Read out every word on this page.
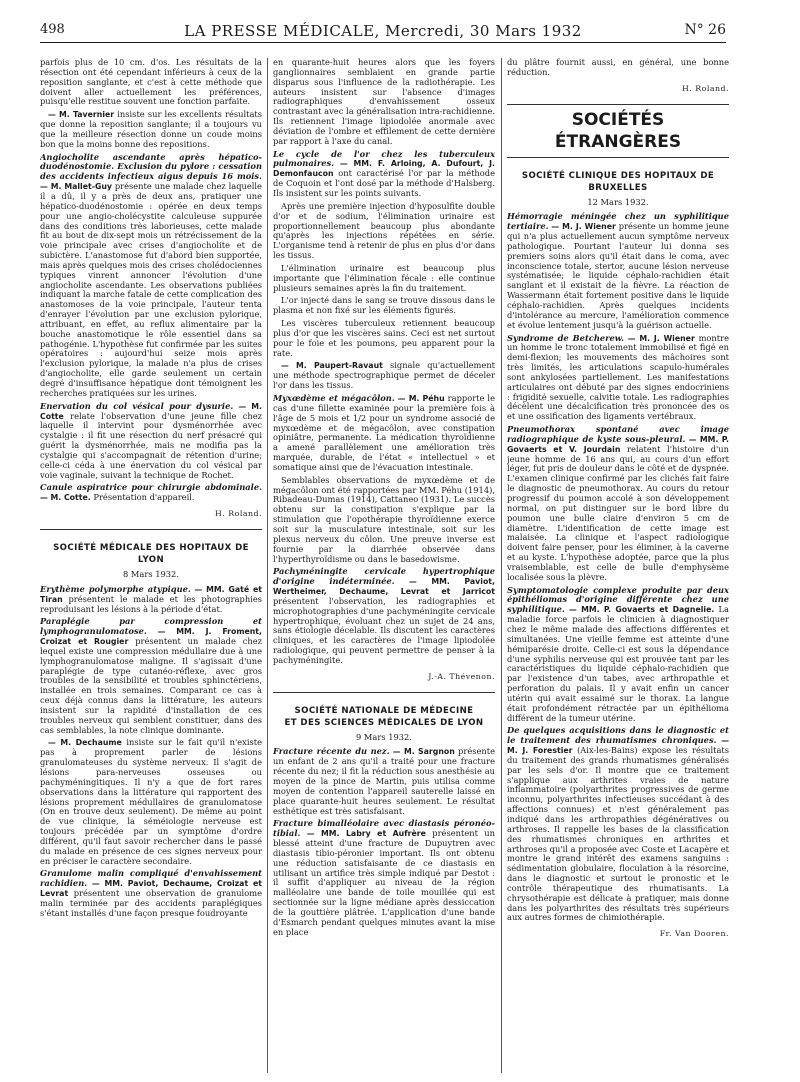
498	LA PRESSE MÉDICALE, Mercredi, 30 Mars 1932	N° 26

parfois plus de 10 cm. d'os. Les résultats de la résection ont été cependant inférieurs à ceux de la reposition sanglante, et c'est à cette méthode que doivent aller actuellement les préférences, puisqu'elle restitue souvent une fonction parfaite.

— M. Tavernier insiste sur les excellents résultats que donne la reposition sanglante; il a toujours vu que la meilleure résection donne un coude moins bon que la moins bonne des repositions.

Angiocholite ascendante après hépatico-duodénostomie. Exclusion du pylore : cessation des accidents infectieux aigus depuis 16 mois. — M. Mallet-Guy présente une malade chez laquelle il a dû, il y a près de deux ans, pratiquer une hépatico-duodénostomie : opérée en deux temps pour une angio-cholécystite calculeuse suppurée dans des conditions très laborieuses, cette malade fit au bout de dix-sept mois un rétrécissement de la voie principale avec crises d'angiocholite et de subictère. L'anastomose fut d'abord bien supportée, mais après quelques mois des crises cholédociennes typiques vinrent annoncer l'évolution d'une angiocholite ascendante. Les observations publiées indiquant la marche fatale de cette complication des anastomoses de la voie principale, l'auteur tenta d'enrayer l'évolution par une exclusion pylorique, attribuant, en effet, au reflux alimentaire par la bouche anastomotique le rôle essentiel dans sa pathogénie. L'hypothèse fut confirmée par les suites opératoires : aujourd'hui seize mois après l'exclusion pylorique, la malade n'a plus de crises d'angiocholite, elle garde seulement un certain degré d'insuffisance hépatique dont témoignent les recherches pratiquées sur les urines.

Enervation du col vésical pour dysurie. — M. Cotte relate l'observation d'une jeune fille chez laquelle il intervint pour dysménorrhée avec cystalgie : il fit une résection du nerf présacré qui guérit la dysménorrhée, mais ne modifia pas la cystalgie qui s'accompagnait de rétention d'urine; celle-ci céda à une énervation du col vésical par voie vaginale, suivant la technique de Rochet.

Canule aspiratrice pour chirurgie abdominale. — M. Cotte. Présentation d'appareil.

H. Roland.

SOCIÉTÉ MÉDICALE DES HOPITAUX DE LYON
8 Mars 1932.

Erythème polymorphe atypique. — MM. Gaté et Tiran présentent le malade et les photographies reproduisant les lésions à la période d'état.

Paraplégie par compression et lymphogranulomatose. — MM. J. Froment, Croizat et Rougier présentent un malade chez lequel existe une compression médullaire due à une lymphogranulomatose maligne. Il s'agissait d'une paraplégie de type cutanéo-réflexe, avec gros troubles de la sensibilité et troubles sphinctériens, installée en trois semaines. Comparant ce cas à ceux déjà connus dans la littérature, les auteurs insistent sur la rapidité d'installation de ces troubles nerveux qui semblent constituer, dans des cas semblables, la note clinique dominante.

— M. Dechaume insiste sur le fait qu'il n'existe pas à proprement parler de lésions granulomateuses du système nerveux. Il s'agit de lésions para-nerveuses osseuses ou pachyméningitiques. Il n'y a que de fort rares observations dans la littérature qui rapportent des lésions proprement médullaires de granulomatose (On en trouve deux seulement). De même au point de vue clinique, la séméiologie nerveuse est toujours précédée par un symptôme d'ordre différent, qu'il faut savoir rechercher dans le passé du malade en présence de ces signes nerveux pour en préciser le caractère secondaire.

Granulome malin compliqué d'envahissement rachidien. — MM. Paviot, Dechaume, Croizat et Levrat présentent une observation de granulome malin terminée par des accidents paraplégiques s'étant installés d'une façon presque foudroyante

en quarante-huit heures alors que les foyers ganglionnaires semblaient en grande partie disparus sous l'influence de la radiothérapie. Les auteurs insistent sur l'absence d'images radiographiques d'envahissement osseux contrastant avec la généralisation intra-rachidienne. Ils retiennent l'image lipiodolée anormale avec déviation de l'ombre et effilement de cette dernière par rapport à l'axe du canal.

Le cycle de l'or chez les tuberculeux pulmonaires. — MM. F. Arloing, A. Dufourt, J. Demonfaucon ont caractérisé l'or par la méthode de Coquoin et l'ont dosé par la méthode d'Halsberg. Ils insistent sur les points suivants.

Après une première injection d'hyposulfite double d'or et de sodium, l'élimination urinaire est proportionnellement beaucoup plus abondante qu'après les injections répétées en série. L'organisme tend à retenir de plus en plus d'or dans les tissus.

L'élimination urinaire est beaucoup plus importante que l'élimination fécale : elle continue plusieurs semaines après la fin du traitement.

L'or injecté dans le sang se trouve dissous dans le plasma et non fixé sur les éléments figurés.

Les viscères tuberculeux retiennent beaucoup plus d'or que les viscères sains. Ceci est net surtout pour le foie et les poumons, peu apparent pour la rate.

— M. Paupert-Ravaut signale qu'actuellement une méthode spectrographique permet de déceler l'or dans les tissus.

Myxœdème et mégacôlon. — M. Péhu rapporte le cas d'une fillette examinée pour la première fois à l'âge de 5 mois et 1/2 pour un syndrome associé de myxœdème et de mégacôlon, avec constipation opiniâtre, permanente. La médication thyroïdienne a amené parallèlement une amélioration très marquée, durable, de l'état « intellectuel » et somatique ainsi que de l'évacuation intestinale.

Semblables observations de myxœdème et de mégacôlon ont été rapportées par MM. Péhu (1914), Ribadeau-Dumas (1914), Cattaneo (1931). Le succès obtenu sur la constipation s'explique par la stimulation que l'opothérapie thyroïdienne exerce soit sur la musculature intestinale, soit sur les plexus nerveux du côlon. Une preuve inverse est fournie par la diarrhée observée dans l'hyperthyroïdisme ou dans le basedowisme.

Pachyméningite cervicale hypertrophique d'origine indéterminée. — MM. Paviot, Wertheimer, Dechaume, Levrat et Jarricot présentent l'observation, les radiographies et microphotographies d'une pachyméningite cervicale hypertrophique, évoluant chez un sujet de 24 ans, sans étiologie décelable. Ils discutent les caractères cliniques, et les caractères de l'image lipiodolée radiologique, qui peuvent permettre de penser à la pachyméningite.

J.-A. Thévenon.

SOCIÉTÉ NATIONALE DE MÉDECINE
ET DES SCIENCES MÉDICALES DE LYON
9 Mars 1932.

Fracture récente du nez. — M. Sargnon présente un enfant de 2 ans qu'il a traité pour une fracture récente du nez; il fit la réduction sous anesthésie au moyen de la pince de Martin, puis utilisa comme moyen de contention l'appareil sauterelle laissé en place quarante-huit heures seulement. Le résultat esthétique est très satisfaisant.

Fracture bimalléolaire avec diastasis péronéo-tibial. — MM. Labry et Aufrère présentent un blessé atteint d'une fracture de Dupuytren avec diastasis tibio-péronier important. Ils ont obtenu une réduction satisfaisante de ce diastasis en utilisant un artifice très simple indiqué par Destot : il suffit d'appliquer au niveau de la région malléolaire une bande de toile mouillée qui est sectionnée sur la ligne médiane après dessiccation de la gouttière plâtrée. L'application d'une bande d'Esmarch pendant quelques minutes avant la mise en place

du plâtre fournit aussi, en général, une bonne réduction.

H. Roland.

SOCIÉTÉS ÉTRANGÈRES
SOCIÉTÉ CLINIQUE DES HOPITAUX DE BRUXELLES
12 Mars 1932.

Hémorragie méningée chez un syphilitique tertiaire. — M. J. Wiener présente un homme jeune qui n'a plus actuellement aucun symptôme nerveux pathologique. Pourtant l'auteur lui donna ses premiers soins alors qu'il était dans le coma, avec inconscience totale, stertor, aucune lésion nerveuse systématisée; le liquide céphalo-rachidien était sanglant et il existait de la fièvre. La réaction de Wassermann était fortement positive dans le liquide céphalo-rachidien. Après quelques incidents d'intolérance au mercure, l'amélioration commence et évolue lentement jusqu'à la guérison actuelle.

Syndrome de Betcherew. — M. J. Wiener montre un homme le tronc totalement immobilisé et figé en demi-flexion; les mouvements des mâchoires sont très limités, les articulations scapulo-humérales sont ankylosées partiellement. Les manifestations articulaires ont débuté par des signes endocriniens : frigidité sexuelle, calvitie totale. Les radiographies décèlent une décalcification très prononcée des os et une ossification des ligaments vertébraux.

Pneumothorax spontané avec image radiographique de kyste sous-pleural. — MM. P. Govaerts et V. Jourdain relatent l'histoire d'un jeune homme de 16 ans qui, au cours d'un effort léger, fut pris de douleur dans le côté et de dyspnée. L'examen clinique confirmé par les clichés fait faire le diagnostic de pneumothorax. Au cours du retour progressif du poumon accolé à son développement normal, on put distinguer sur le bord libre du poumon une bulle claire d'environ 5 cm de diamètre. L'identification de cette image est malaisée. La clinique et l'aspect radiologique doivent faire penser, pour les éliminer, à la caverne et au kyste. L'hypothèse adoptée, parce que la plus vraisemblable, est celle de bulle d'emphysème localisée sous la plèvre.

Symptomatologie complexe produite par deux épithéliomas d'origine différente chez une syphilitique. — MM. P. Govaerts et Dagnelie. La maladie force parfois le clinicien à diagnostiquer chez le même malade des affections différentes et simultanées. Une vieille femme est atteinte d'une hémiparésie droite. Celle-ci est sous la dépendance d'une syphilis nerveuse qui est prouvée tant par les caractéristiques du liquide céphalo-rachidien que par l'existence d'un tabes, avec arthropathie et perforation du palais. Il y avait enfin un cancer utérin qui avait essaimé sur le thorax. La langue était profondément rétractée par un épithélioma différent de la tumeur utérine.

De quelques acquisitions dans le diagnostic et le traitement des rhumatismes chroniques. — M. J. Forestier (Aix-les-Bains) expose les résultats du traitement des grands rhumatismes généralisés par les sels d'or. Il montre que ce traitement s'applique aux arthrites vraies de nature inflammatoire (polyarthrites progressives de germe inconnu, polyarthrites infectieuses succédant à des affections connues) et n'est généralement pas indiqué dans les arthropathies dégénératives ou arthroses. Il rappelle les bases de la classification des rhumatismes chroniques en arthrites et arthroses qu'il a proposée avec Coste et Lacapère et montre le grand intérêt des examens sanguins : sédimentation globulaire, floculation à la résorcine, dans le diagnostic et surtout le pronostic et le contrôle thérapeutique des rhumatisants. La chrysothérapie est délicate à pratiquer, mais donne dans les polyarthrites des résultats très supérieurs aux autres formes de chimiothérapie.

Fr. Van Dooren.
